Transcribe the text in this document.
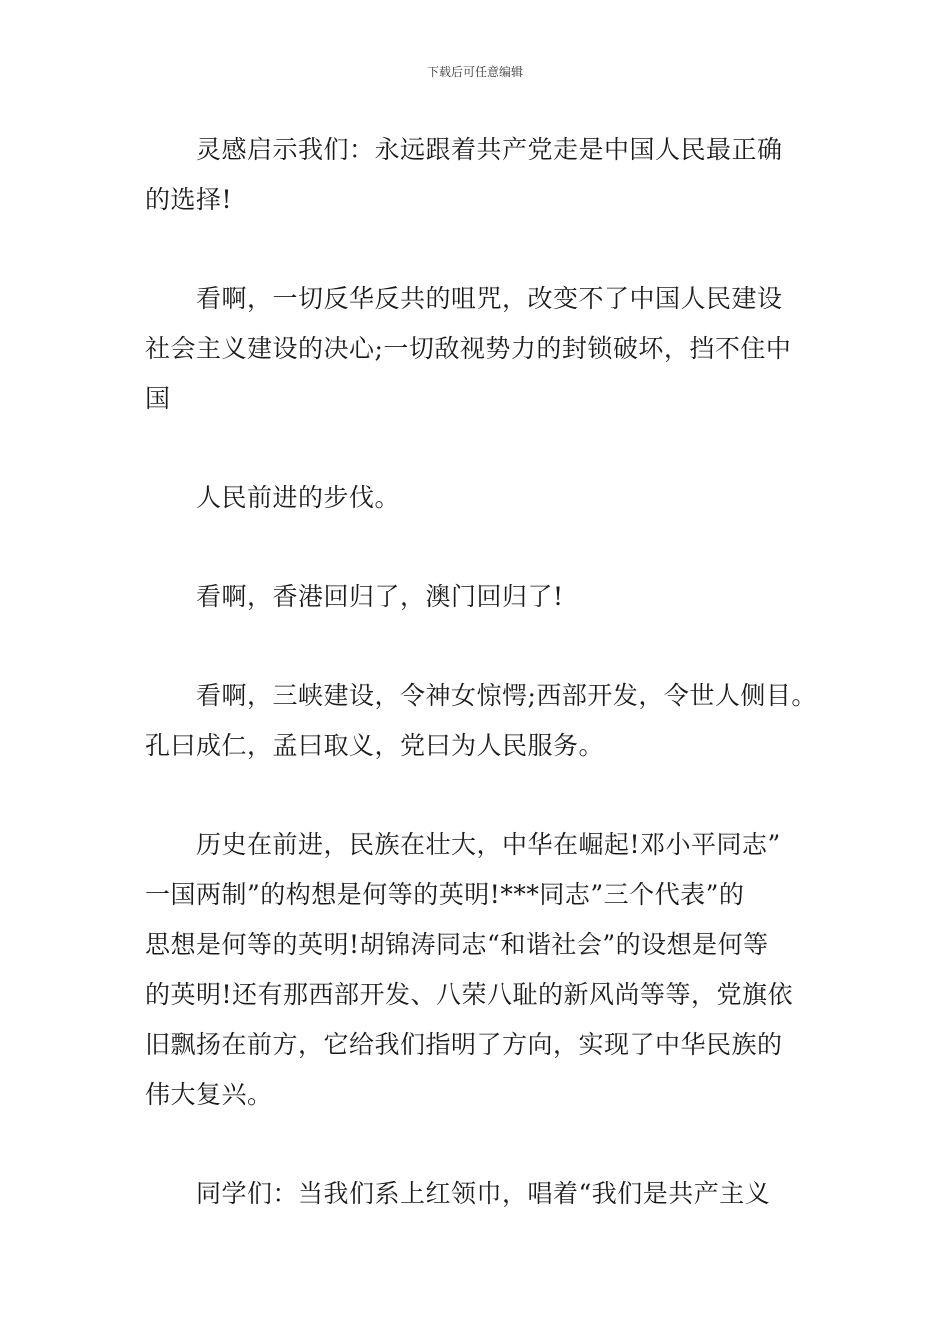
下载后可任意编辑
灵感启示我们：永远跟着共产党走是中国人民最正确
的选择!
看啊，一切反华反共的咀咒，改变不了中国人民建设
社会主义建设的决心;一切敌视势力的封锁破坏，挡不住中
国
人民前进的步伐。
看啊，香港回归了，澳门回归了!
看啊，三峡建设，令神女惊愕;西部开发，令世人侧目。
孔曰成仁，孟曰取义，党曰为人民服务。
历史在前进，民族在壮大，中华在崛起!邓小平同志”
一国两制”的构想是何等的英明!***同志”三个代表”的
思想是何等的英明!胡锦涛同志“和谐社会”的设想是何等
的英明!还有那西部开发、八荣八耻的新风尚等等，党旗依
旧飘扬在前方，它给我们指明了方向，实现了中华民族的
伟大复兴。
同学们：当我们系上红领巾，唱着“我们是共产主义
